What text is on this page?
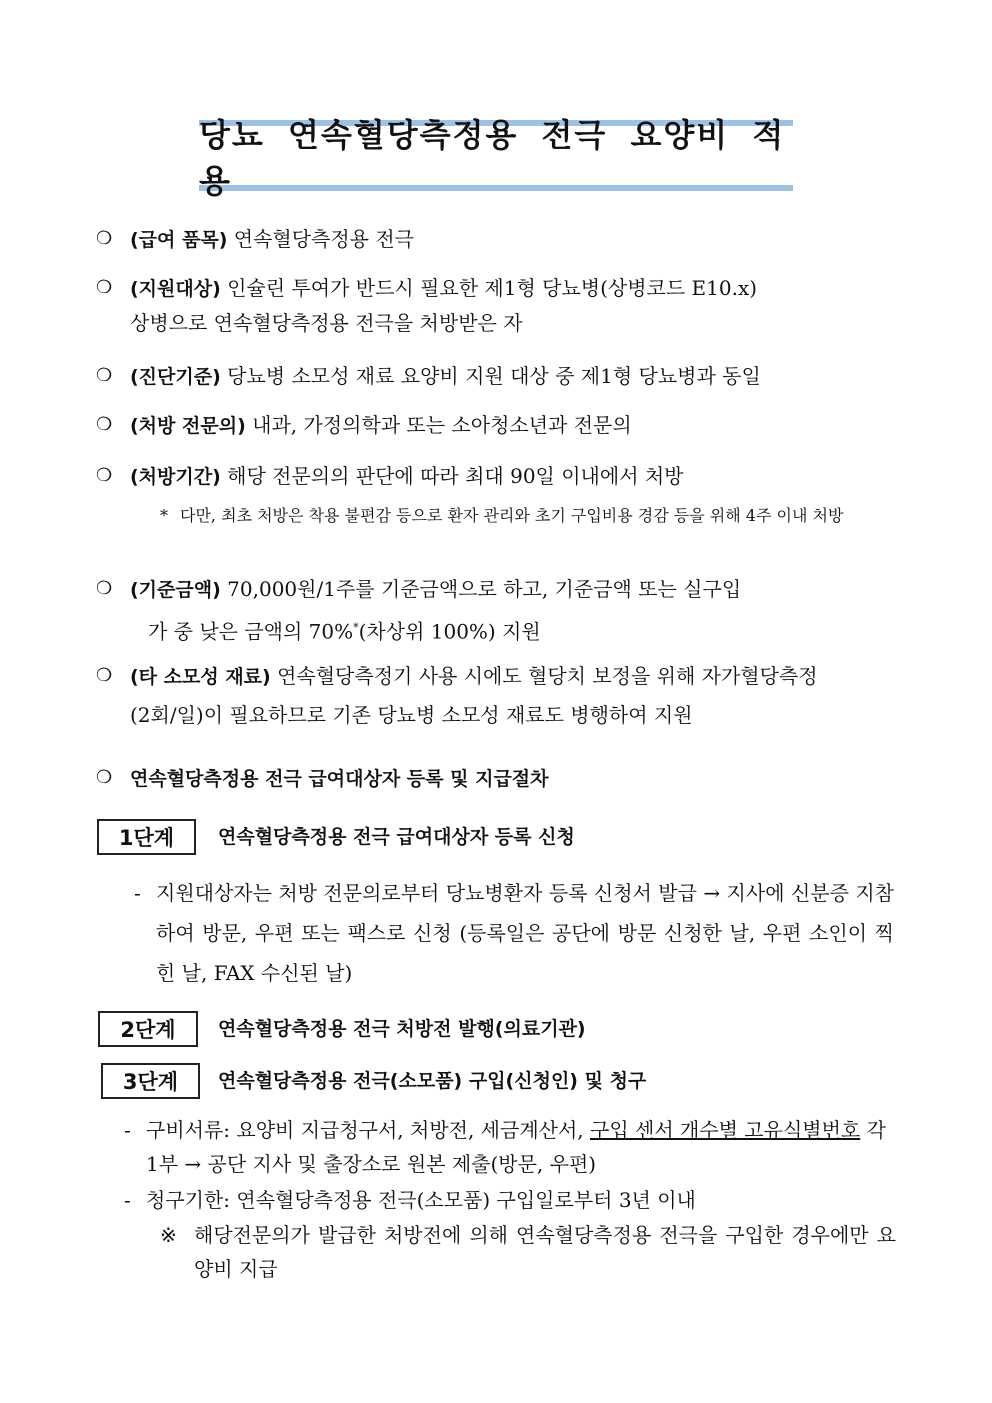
당뇨 연속혈당측정용 전극 요양비 적용
❍ (급여 품목) 연속혈당측정용 전극
❍ (지원대상) 인슐린 투여가 반드시 필요한 제1형 당뇨병(상병코드 E10.x)
상병으로 연속혈당측정용 전극을 처방받은 자
❍ (진단기준) 당뇨병 소모성 재료 요양비 지원 대상 중 제1형 당뇨병과 동일
❍ (처방 전문의) 내과, 가정의학과 또는 소아청소년과 전문의
❍ (처방기간) 해당 전문의의 판단에 따라 최대 90일 이내에서 처방
* 다만, 최초 처방은 착용 불편감 등으로 환자 관리와 초기 구입비용 경감 등을 위해 4주 이내 처방
❍ (기준금액) 70,000원/1주를 기준금액으로 하고, 기준금액 또는 실구입
가 중 낮은 금액의 70%*(차상위 100%) 지원
❍ (타 소모성 재료) 연속혈당측정기 사용 시에도 혈당치 보정을 위해 자가혈당측정
(2회/일)이 필요하므로 기존 당뇨병 소모성 재료도 병행하여 지원
❍ 연속혈당측정용 전극 급여대상자 등록 및 지급절차
1단계 연속혈당측정용 전극 급여대상자 등록 신청
- 지원대상자는 처방 전문의로부터 당뇨병환자 등록 신청서 발급 → 지사에 신분증 지참하여 방문, 우편 또는 팩스로 신청 (등록일은 공단에 방문 신청한 날, 우편 소인이 찍힌 날, FAX 수신된 날)
2단계 연속혈당측정용 전극 처방전 발행(의료기관)
3단계 연속혈당측정용 전극(소모품) 구입(신청인) 및 청구
- 구비서류: 요양비 지급청구서, 처방전, 세금계산서, 구입 센서 개수별 고유식별번호 각 1부 → 공단 지사 및 출장소로 원본 제출(방문, 우편)
- 청구기한: 연속혈당측정용 전극(소모품) 구입일로부터 3년 이내
※ 해당전문의가 발급한 처방전에 의해 연속혈당측정용 전극을 구입한 경우에만 요양비 지급
